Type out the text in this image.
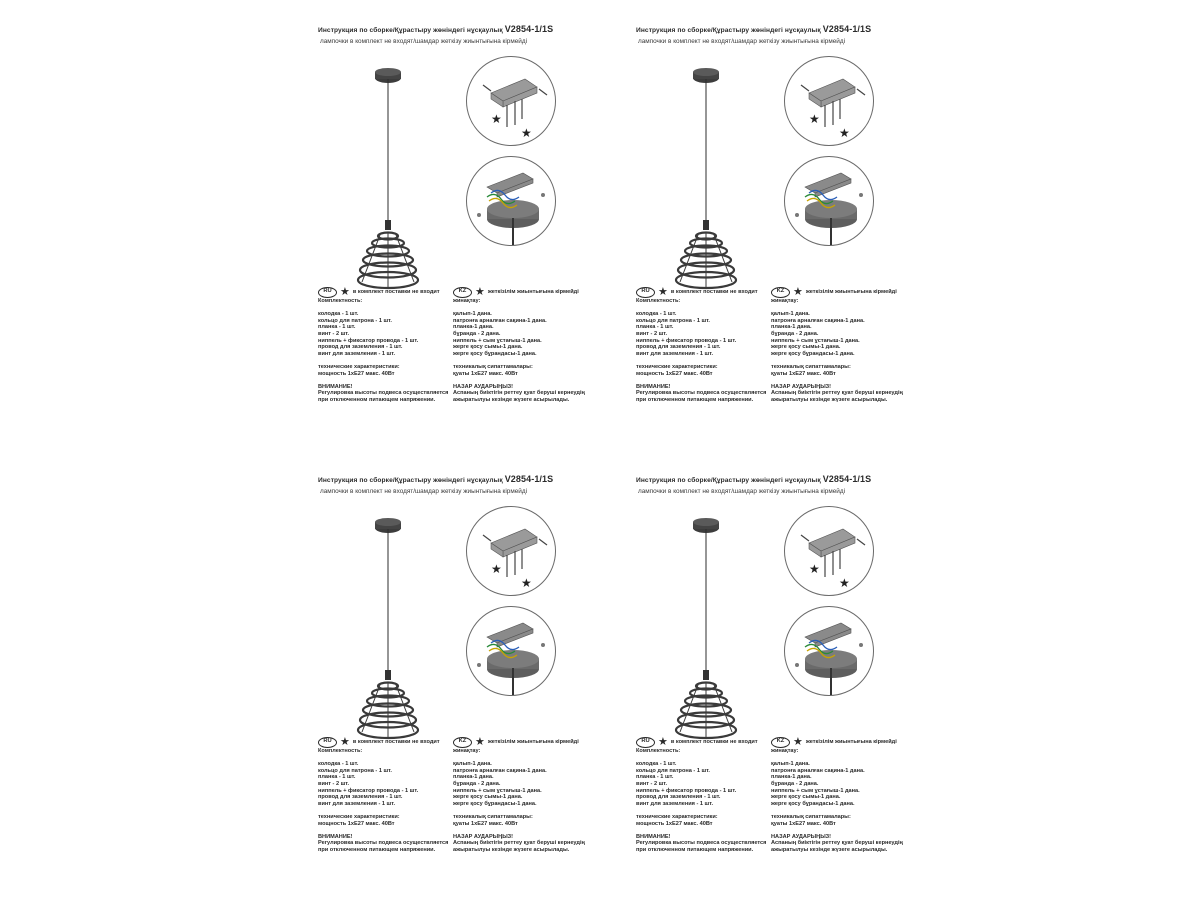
Инструкция по сборке/Құрастыру жөніндегі нұсқаулық V2854-1/1S
лампочки в комплект не входят/шамдар жеткізу жиынтығына кірмейді
★
★
RU ★ в комплект поставки не входит
Комплектность:
колодка - 1 шт.
кольцо для патрона - 1 шт.
планка - 1 шт.
винт - 2 шт.
ниппель + фиксатор провода - 1 шт.
провод для заземления - 1 шт.
винт для заземления - 1 шт.
технические характеристики:
мощность 1хЕ27 макс. 40Вт
ВНИМАНИЕ!
Регулировка высоты подвеса осуществляется
при отключенном питающем напряжении.
KZ ★ жеткізілім жиынтығына кірмейді
жинақтау:
қалып-1 дана.
патронға арналған сақина-1 дана.
планка-1 дана.
бұранда - 2 дана.
ниппель + сым ұстағыш-1 дана.
жерге қосу сымы-1 дана.
жерге қосу бұрандасы-1 дана.
техникалық сипаттамалары:
қуаты 1хЕ27 макс. 40Вт
НАЗАР АУДАРЫҢЫЗ!
Аспаның биіктігін реттеу қуат беруші кернеудің
ажыратылуы кезінде жүзеге асырылады.
Инструкция по сборке/Құрастыру жөніндегі нұсқаулық V2854-1/1S
лампочки в комплект не входят/шамдар жеткізу жиынтығына кірмейді
★
★
RU ★ в комплект поставки не входит
Комплектность:
колодка - 1 шт.
кольцо для патрона - 1 шт.
планка - 1 шт.
винт - 2 шт.
ниппель + фиксатор провода - 1 шт.
провод для заземления - 1 шт.
винт для заземления - 1 шт.
технические характеристики:
мощность 1хЕ27 макс. 40Вт
ВНИМАНИЕ!
Регулировка высоты подвеса осуществляется
при отключенном питающем напряжении.
KZ ★ жеткізілім жиынтығына кірмейді
жинақтау:
қалып-1 дана.
патронға арналған сақина-1 дана.
планка-1 дана.
бұранда - 2 дана.
ниппель + сым ұстағыш-1 дана.
жерге қосу сымы-1 дана.
жерге қосу бұрандасы-1 дана.
техникалық сипаттамалары:
қуаты 1хЕ27 макс. 40Вт
НАЗАР АУДАРЫҢЫЗ!
Аспаның биіктігін реттеу қуат беруші кернеудің
ажыратылуы кезінде жүзеге асырылады.
Инструкция по сборке/Құрастыру жөніндегі нұсқаулық V2854-1/1S
лампочки в комплект не входят/шамдар жеткізу жиынтығына кірмейді
★
★
RU ★ в комплект поставки не входит
Комплектность:
колодка - 1 шт.
кольцо для патрона - 1 шт.
планка - 1 шт.
винт - 2 шт.
ниппель + фиксатор провода - 1 шт.
провод для заземления - 1 шт.
винт для заземления - 1 шт.
технические характеристики:
мощность 1хЕ27 макс. 40Вт
ВНИМАНИЕ!
Регулировка высоты подвеса осуществляется
при отключенном питающем напряжении.
KZ ★ жеткізілім жиынтығына кірмейді
жинақтау:
қалып-1 дана.
патронға арналған сақина-1 дана.
планка-1 дана.
бұранда - 2 дана.
ниппель + сым ұстағыш-1 дана.
жерге қосу сымы-1 дана.
жерге қосу бұрандасы-1 дана.
техникалық сипаттамалары:
қуаты 1хЕ27 макс. 40Вт
НАЗАР АУДАРЫҢЫЗ!
Аспаның биіктігін реттеу қуат беруші кернеудің
ажыратылуы кезінде жүзеге асырылады.
Инструкция по сборке/Құрастыру жөніндегі нұсқаулық V2854-1/1S
лампочки в комплект не входят/шамдар жеткізу жиынтығына кірмейді
★
★
RU ★ в комплект поставки не входит
Комплектность:
колодка - 1 шт.
кольцо для патрона - 1 шт.
планка - 1 шт.
винт - 2 шт.
ниппель + фиксатор провода - 1 шт.
провод для заземления - 1 шт.
винт для заземления - 1 шт.
технические характеристики:
мощность 1хЕ27 макс. 40Вт
ВНИМАНИЕ!
Регулировка высоты подвеса осуществляется
при отключенном питающем напряжении.
KZ ★ жеткізілім жиынтығына кірмейді
жинақтау:
қалып-1 дана.
патронға арналған сақина-1 дана.
планка-1 дана.
бұранда - 2 дана.
ниппель + сым ұстағыш-1 дана.
жерге қосу сымы-1 дана.
жерге қосу бұрандасы-1 дана.
техникалық сипаттамалары:
қуаты 1хЕ27 макс. 40Вт
НАЗАР АУДАРЫҢЫЗ!
Аспаның биіктігін реттеу қуат беруші кернеудің
ажыратылуы кезінде жүзеге асырылады.
